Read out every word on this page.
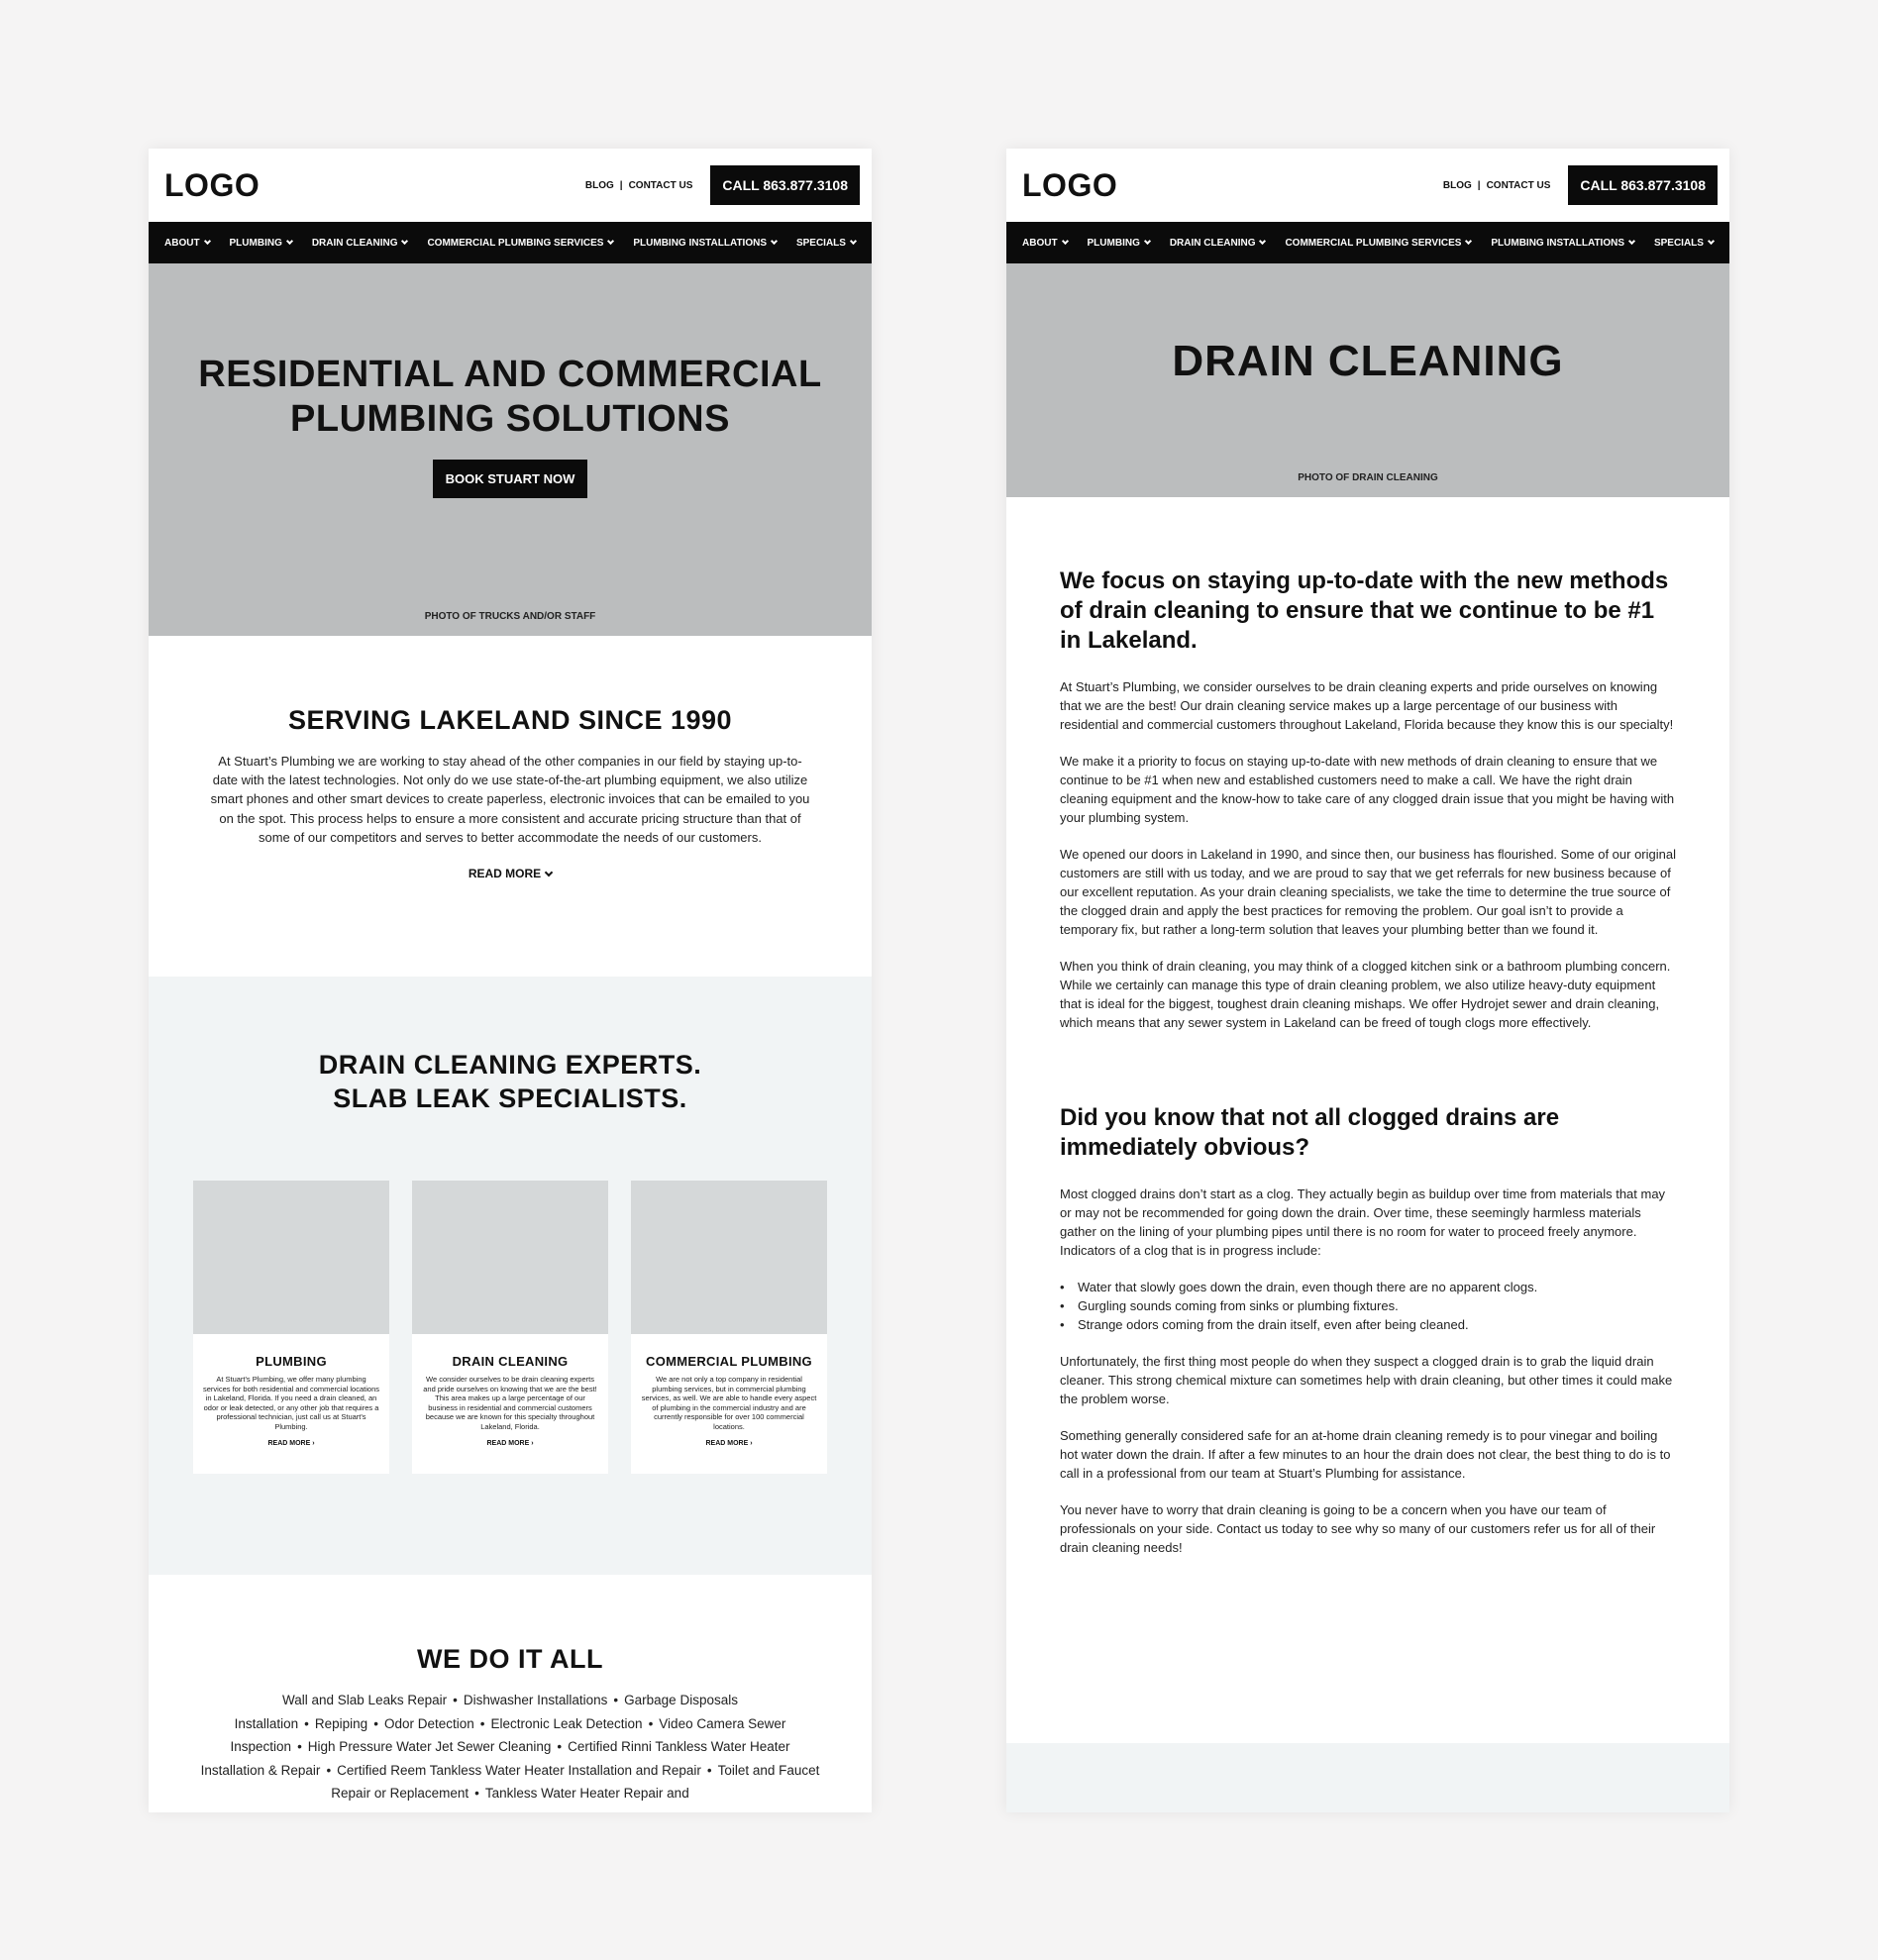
LOGO	BLOG | CONTACT US	CALL 863.877.3108
ABOUT	PLUMBING	DRAIN CLEANING	COMMERCIAL PLUMBING SERVICES	PLUMBING INSTALLATIONS	SPECIALS
RESIDENTIAL AND COMMERCIAL
PLUMBING SOLUTIONS
BOOK STUART NOW
PHOTO OF TRUCKS AND/OR STAFF
SERVING LAKELAND SINCE 1990

At Stuart’s Plumbing we are working to stay ahead of the other companies in our field by staying up-to-date with the latest technologies. Not only do we use state-of-the-art plumbing equipment, we also utilize smart phones and other smart devices to create paperless, electronic invoices that can be emailed to you on the spot. This process helps to ensure a more consistent and accurate pricing structure than that of some of our competitors and serves to better accommodate the needs of our customers.

READ MORE
DRAIN CLEANING EXPERTS.
SLAB LEAK SPECIALISTS.
PLUMBING
At Stuart's Plumbing, we offer many plumbing services for both residential and commercial locations in Lakeland, Florida. If you need a drain cleaned, an odor or leak detected, or any other job that requires a professional technician, just call us at Stuart's Plumbing.
READ MORE ›
DRAIN CLEANING
We consider ourselves to be drain cleaning experts and pride ourselves on knowing that we are the best! This area makes up a large percentage of our business in residential and commercial customers because we are known for this specialty throughout Lakeland, Florida.
READ MORE ›
COMMERCIAL PLUMBING
We are not only a top company in residential plumbing services, but in commercial plumbing services, as well. We are able to handle every aspect of plumbing in the commercial industry and are currently responsible for over 100 commercial locations.
READ MORE ›
WE DO IT ALL

Wall and Slab Leaks Repair • Dishwasher Installations • Garbage Disposals Installation • Repiping • Odor Detection • Electronic Leak Detection • Video Camera Sewer Inspection • High Pressure Water Jet Sewer Cleaning • Certified Rinni Tankless Water Heater Installation & Repair • Certified Reem Tankless Water Heater Installation and Repair • Toilet and Faucet Repair or Replacement • Tankless Water Heater Repair and

LOGO	BLOG | CONTACT US	CALL 863.877.3108
ABOUT	PLUMBING	DRAIN CLEANING	COMMERCIAL PLUMBING SERVICES	PLUMBING INSTALLATIONS	SPECIALS
DRAIN CLEANING
PHOTO OF DRAIN CLEANING
We focus on staying up-to-date with the new methods of drain cleaning to ensure that we continue to be #1 in Lakeland.

At Stuart’s Plumbing, we consider ourselves to be drain cleaning experts and pride ourselves on knowing that we are the best! Our drain cleaning service makes up a large percentage of our business with residential and commercial customers throughout Lakeland, Florida because they know this is our specialty!

We make it a priority to focus on staying up-to-date with new methods of drain cleaning to ensure that we continue to be #1 when new and established customers need to make a call. We have the right drain cleaning equipment and the know-how to take care of any clogged drain issue that you might be having with your plumbing system.

We opened our doors in Lakeland in 1990, and since then, our business has flourished. Some of our original customers are still with us today, and we are proud to say that we get referrals for new business because of our excellent reputation. As your drain cleaning specialists, we take the time to determine the true source of the clogged drain and apply the best practices for removing the problem. Our goal isn’t to provide a temporary fix, but rather a long-term solution that leaves your plumbing better than we found it.

When you think of drain cleaning, you may think of a clogged kitchen sink or a bathroom plumbing concern. While we certainly can manage this type of drain cleaning problem, we also utilize heavy-duty equipment that is ideal for the biggest, toughest drain cleaning mishaps. We offer Hydrojet sewer and drain cleaning, which means that any sewer system in Lakeland can be freed of tough clogs more effectively.

Did you know that not all clogged drains are immediately obvious?

Most clogged drains don’t start as a clog. They actually begin as buildup over time from materials that may or may not be recommended for going down the drain. Over time, these seemingly harmless materials gather on the lining of your plumbing pipes until there is no room for water to proceed freely anymore. Indicators of a clog that is in progress include:

• Water that slowly goes down the drain, even though there are no apparent clogs.
• Gurgling sounds coming from sinks or plumbing fixtures.
• Strange odors coming from the drain itself, even after being cleaned.

Unfortunately, the first thing most people do when they suspect a clogged drain is to grab the liquid drain cleaner. This strong chemical mixture can sometimes help with drain cleaning, but other times it could make the problem worse.

Something generally considered safe for an at-home drain cleaning remedy is to pour vinegar and boiling hot water down the drain. If after a few minutes to an hour the drain does not clear, the best thing to do is to call in a professional from our team at Stuart’s Plumbing for assistance.

You never have to worry that drain cleaning is going to be a concern when you have our team of professionals on your side. Contact us today to see why so many of our customers refer us for all of their drain cleaning needs!
